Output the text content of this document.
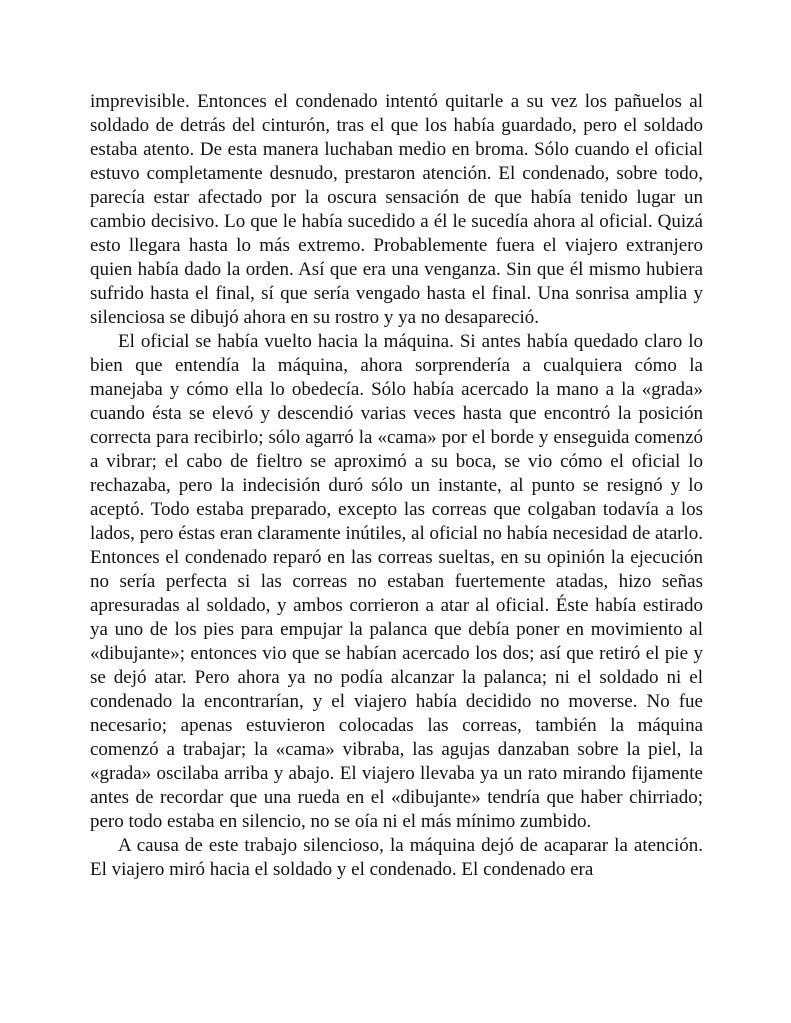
imprevisible. Entonces el condenado intentó quitarle a su vez los pañuelos al soldado de detrás del cinturón, tras el que los había guardado, pero el soldado estaba atento. De esta manera luchaban medio en broma. Sólo cuando el oficial estuvo completamente desnudo, prestaron atención. El condenado, sobre todo, parecía estar afectado por la oscura sensación de que había tenido lugar un cambio decisivo. Lo que le había sucedido a él le sucedía ahora al oficial. Quizá esto llegara hasta lo más extremo. Probablemente fuera el viajero extranjero quien había dado la orden. Así que era una venganza. Sin que él mismo hubiera sufrido hasta el final, sí que sería vengado hasta el final. Una sonrisa amplia y silenciosa se dibujó ahora en su rostro y ya no desapareció.

El oficial se había vuelto hacia la máquina. Si antes había quedado claro lo bien que entendía la máquina, ahora sorprendería a cualquiera cómo la manejaba y cómo ella lo obedecía. Sólo había acercado la mano a la «grada» cuando ésta se elevó y descendió varias veces hasta que encontró la posición correcta para recibirlo; sólo agarró la «cama» por el borde y enseguida comenzó a vibrar; el cabo de fieltro se aproximó a su boca, se vio cómo el oficial lo rechazaba, pero la indecisión duró sólo un instante, al punto se resignó y lo aceptó. Todo estaba preparado, excepto las correas que colgaban todavía a los lados, pero éstas eran claramente inútiles, al oficial no había necesidad de atarlo. Entonces el condenado reparó en las correas sueltas, en su opinión la ejecución no sería perfecta si las correas no estaban fuertemente atadas, hizo señas apresuradas al soldado, y ambos corrieron a atar al oficial. Éste había estirado ya uno de los pies para empujar la palanca que debía poner en movimiento al «dibujante»; entonces vio que se habían acercado los dos; así que retiró el pie y se dejó atar. Pero ahora ya no podía alcanzar la palanca; ni el soldado ni el condenado la encontrarían, y el viajero había decidido no moverse. No fue necesario; apenas estuvieron colocadas las correas, también la máquina comenzó a trabajar; la «cama» vibraba, las agujas danzaban sobre la piel, la «grada» oscilaba arriba y abajo. El viajero llevaba ya un rato mirando fijamente antes de recordar que una rueda en el «dibujante» tendría que haber chirriado; pero todo estaba en silencio, no se oía ni el más mínimo zumbido.

A causa de este trabajo silencioso, la máquina dejó de acaparar la atención. El viajero miró hacia el soldado y el condenado. El condenado era
